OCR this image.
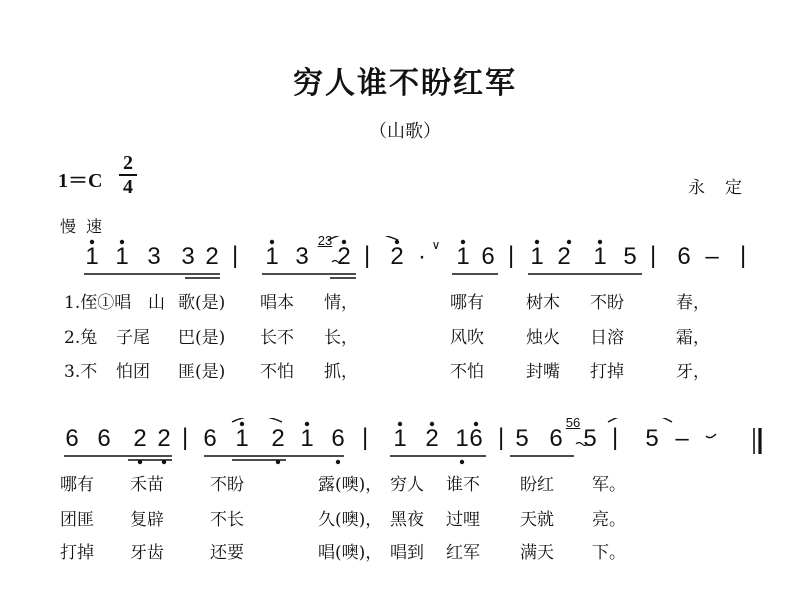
穷人谁不盼红军
（山歌）
1＝C
2
4	永定
慢速
1 1 3 3 2 | 1 3
23
2 | 2 · ∨ 1 6 | 1 2 1 5 | 6 – |
1.侄①唱 山 歌(是) 唱本 情，	哪有 树木 不盼	春，
2.兔 子尾 巴(是) 长不 长，	风吹 烛火 日溶	霜，
3.不 怕团 匪(是) 不怕 抓，	不怕 封嘴 打掉	牙，
6 6 2 2 | 6 1 2 1 6 | 1 2 1 6 | 5 6
56
5 | 5 –
哪有 禾苗	不盼	露(噢)， 穷人 谁不 盼红 军。
团匪 复辟	不长	久(噢)， 黑夜 过哩 天就 亮。
打掉 牙齿	还要	唱(噢)， 唱到 红军 满天 下。
